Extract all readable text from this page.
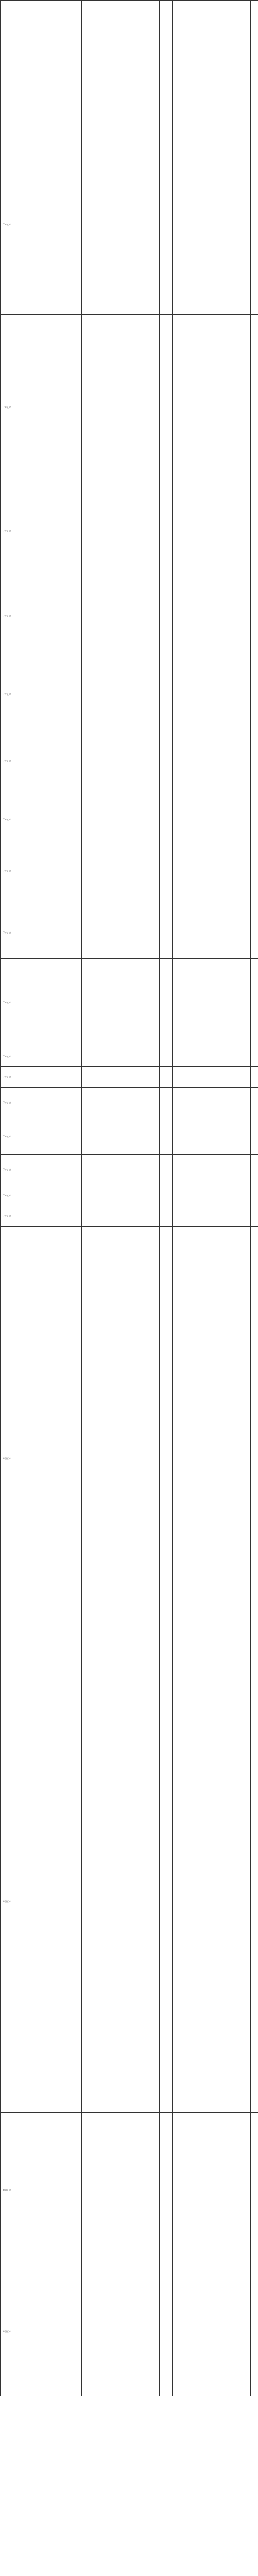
7 中山市							
7 中山市							
7 中山市							
7 中山市							
7 中山市							
7 中山市							
7 中山市							
7 中山市							
7 中山市							
7 中山市							
7 中山市							
7 中山市							
7 中山市							
7 中山市							
7 中山市							
7 中山市							
7 中山市							
8 江门市							
8 江门市							
8 江门市							
8 江门市							
